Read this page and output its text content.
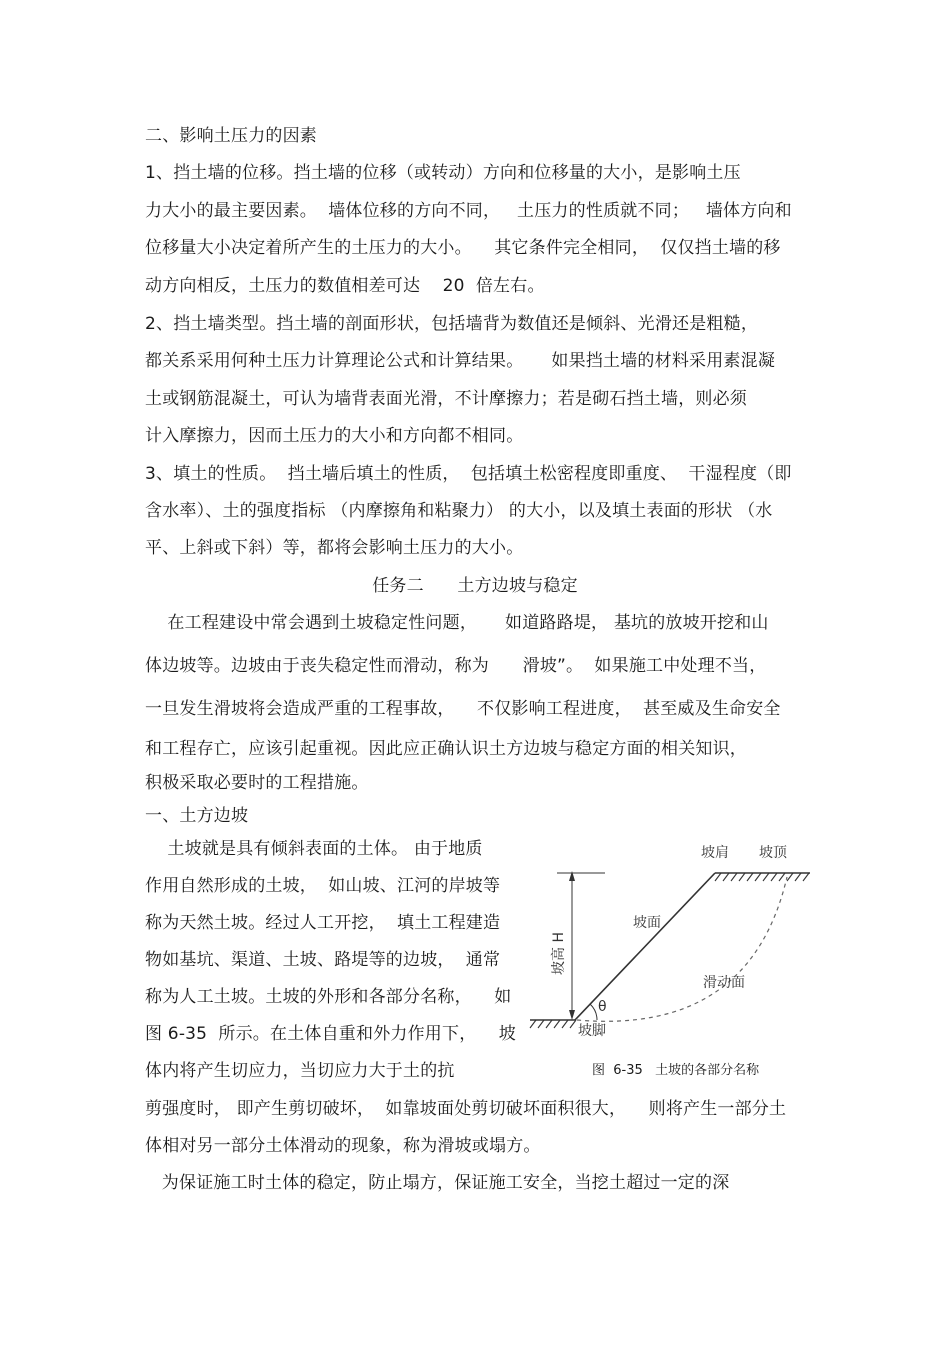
二、影响土压力的因素
1、挡土墙的位移。挡土墙的位移（或转动）方向和位移量的大小，是影响土压
力大小的最主要因素。  墙体位移的方向不同，   土压力的性质就不同；   墙体方向和
位移量大小决定着所产生的土压力的大小。    其它条件完全相同，  仅仅挡土墙的移
动方向相反，土压力的数值相差可达    20  倍左右。
2、挡土墙类型。挡土墙的剖面形状，包括墙背为数值还是倾斜、光滑还是粗糙，
都关系采用何种土压力计算理论公式和计算结果。     如果挡土墙的材料采用素混凝
土或钢筋混凝土，可认为墙背表面光滑，不计摩擦力；若是砌石挡土墙，则必须
计入摩擦力，因而土压力的大小和方向都不相同。
3、填土的性质。  挡土墙后填土的性质，  包括填土松密程度即重度、  干湿程度（即
含水率）、土的强度指标 （内摩擦角和粘聚力） 的大小，以及填土表面的形状 （水
平、上斜或下斜）等，都将会影响土压力的大小。
任务二      土方边坡与稳定
在工程建设中常会遇到土坡稳定性问题，     如道路路堤， 基坑的放坡开挖和山
体边坡等。边坡由于丧失稳定性而滑动，称为      滑坡”。  如果施工中处理不当，
一旦发生滑坡将会造成严重的工程事故，    不仅影响工程进度，  甚至威及生命安全
和工程存亡，应该引起重视。因此应正确认识土方边坡与稳定方面的相关知识，
积极采取必要时的工程措施。
一、土方边坡
土坡就是具有倾斜表面的土体。 由于地质
作用自然形成的土坡，  如山坡、江河的岸坡等
称为天然土坡。经过人工开挖，  填土工程建造
物如基坑、渠道、土坡、路堤等的边坡，  通常
称为人工土坡。土坡的外形和各部分名称，    如
图 6-35  所示。在土体自重和外力作用下，    坡
体内将产生切应力，当切应力大于土的抗
剪强度时， 即产生剪切破坏，  如靠坡面处剪切破坏面积很大，    则将产生一部分土
体相对另一部分土体滑动的现象，称为滑坡或塌方。
为保证施工时土体的稳定，防止塌方，保证施工安全，当挖土超过一定的深
坡肩 坡顶
坡面
坡高 H
滑动面
坡脚
θ
图  6-35   土坡的各部分名称
